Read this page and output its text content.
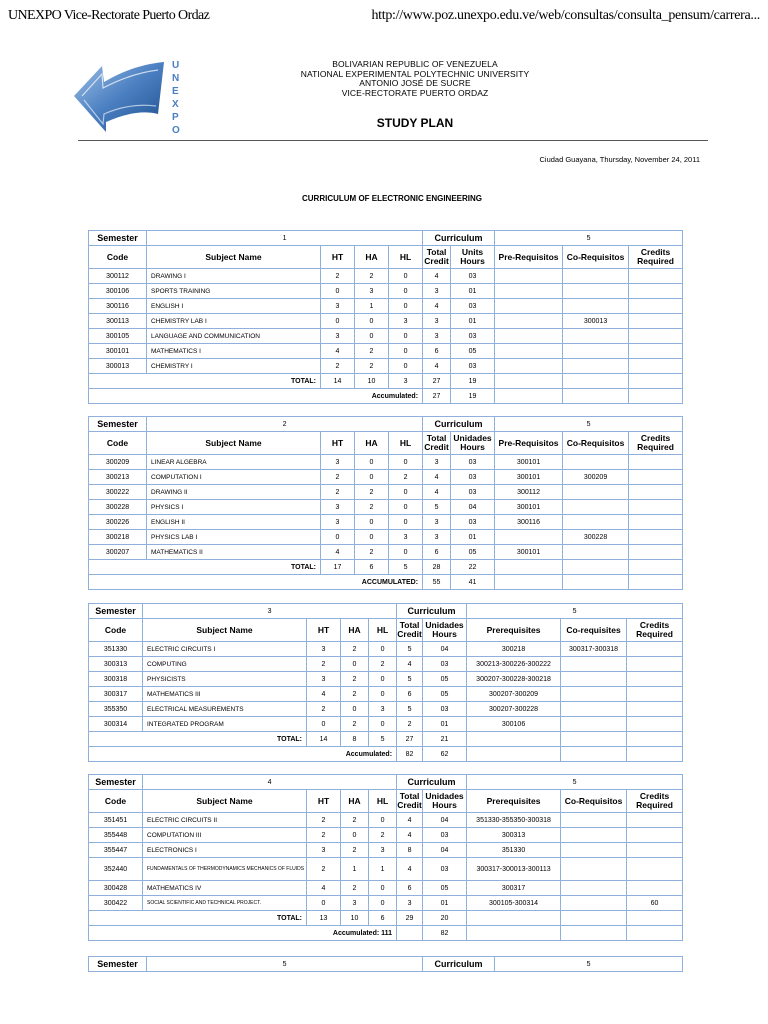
UNEXPO Vice-Rectorate Puerto Ordaz	http://www.poz.unexpo.edu.ve/web/consultas/consulta_pensum/carrera...
U
N
E
X
P
O
BOLIVARIAN REPUBLIC OF VENEZUELA
NATIONAL EXPERIMENTAL POLYTECHNIC UNIVERSITY
ANTONIO JOSÉ DE SUCRE
VICE-RECTORATE PUERTO ORDAZ
STUDY PLAN
Ciudad Guayana, Thursday, November 24, 2011
CURRICULUM OF ELECTRONIC ENGINEERING
Semester	1				Curriculum		5		
Code	Subject Name	HT	HA	HL	Total Credit	Units Hours	Pre-Requisitos	Co-Requisitos	Credits Required
300112	DRAWING I	2	2	0	4	03			
300106	SPORTS TRAINING	0	3	0	3	01			
300116	ENGLISH I	3	1	0	4	03			
300113	CHEMISTRY LAB I	0	0	3	3	01		300013	
300105	LANGUAGE AND COMMUNICATION	3	0	0	3	03			
300101	MATHEMATICS I	4	2	0	6	05			
300013	CHEMISTRY I	2	2	0	4	03			
TOTAL:		14	10	3	27	19			
Accumulated:					27	19			
Semester	2				Curriculum		5		
Code	Subject Name	HT	HA	HL	Total Credit	Unidades Hours	Pre-Requisitos	Co-Requisitos	Credits Required
300209	LINEAR ALGEBRA	3	0	0	3	03	300101		
300213	COMPUTATION I	2	0	2	4	03	300101	300209	
300222	DRAWING II	2	2	0	4	03	300112		
300228	PHYSICS I	3	2	0	5	04	300101		
300226	ENGLISH II	3	0	0	3	03	300116		
300218	PHYSICS LAB I	0	0	3	3	01		300228	
300207	MATHEMATICS II	4	2	0	6	05	300101		
TOTAL:		17	6	5	28	22			
ACCUMULATED:					55	41			
Semester	3				Curriculum		5		
Code	Subject Name	HT	HA	HL	Total Credit	Unidades Hours	Prerequisites	Co-requisites	Credits Required
351330	ELECTRIC CIRCUITS I	3	2	0	5	04	300218	300317-300318	
300313	COMPUTING	2	0	2	4	03	300213-300226-300222		
300318	PHYSICISTS	3	2	0	5	05	300207-300228-300218		
300317	MATHEMATICS III	4	2	0	6	05	300207-300209		
355350	ELECTRICAL MEASUREMENTS	2	0	3	5	03	300207-300228		
300314	INTEGRATED PROGRAM	0	2	0	2	01	300106		
TOTAL:		14	8	5	27	21			
Accumulated:					82	62			
Semester	4				Curriculum		5		
Code	Subject Name	HT	HA	HL	Total Credit	Unidades Hours	Prerequisites	Co-Requisitos	Credits Required
351451	ELECTRIC CIRCUITS II	2	2	0	4	04	351330-355350-300318		
355448	COMPUTATION III	2	0	2	4	03	300313		
355447	ELECTRONICS I	3	2	3	8	04	351330		
352440	FUNDAMENTALS OF THERMODYNAMICS MECHANICS OF FLUIDS	2	1	1	4	03	300317-300013-300113		
300428	MATHEMATICS IV	4	2	0	6	05	300317		
300422	SOCIAL SCIENTIFIC AND TECHNICAL PROJECT.	0	3	0	3	01	300105-300314		60
TOTAL:		13	10	6	29	20			
Accumulated: 111						82			
Semester	5	Curriculum	5
